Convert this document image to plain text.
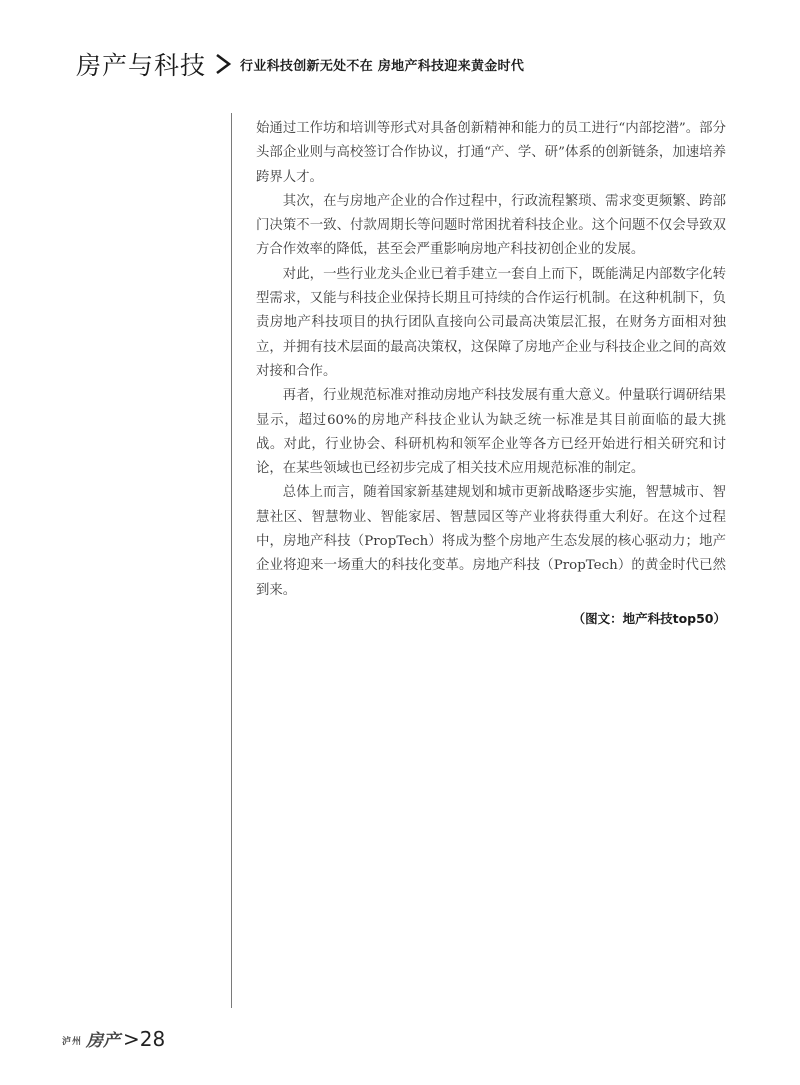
房产与科技	行业科技创新无处不在 房地产科技迎来黄金时代

始通过工作坊和培训等形式对具备创新精神和能力的员工进行“内部挖潜”。部分头部企业则与高校签订合作协议，打通“产、学、研”体系的创新链条，加速培养跨界人才。

其次，在与房地产企业的合作过程中，行政流程繁琐、需求变更频繁、跨部门决策不一致、付款周期长等问题时常困扰着科技企业。这个问题不仅会导致双方合作效率的降低，甚至会严重影响房地产科技初创企业的发展。

对此，一些行业龙头企业已着手建立一套自上而下，既能满足内部数字化转型需求，又能与科技企业保持长期且可持续的合作运行机制。在这种机制下，负责房地产科技项目的执行团队直接向公司最高决策层汇报，在财务方面相对独立，并拥有技术层面的最高决策权，这保障了房地产企业与科技企业之间的高效对接和合作。

再者，行业规范标准对推动房地产科技发展有重大意义。仲量联行调研结果显示，超过60%的房地产科技企业认为缺乏统一标准是其目前面临的最大挑战。对此，行业协会、科研机构和领军企业等各方已经开始进行相关研究和讨论，在某些领域也已经初步完成了相关技术应用规范标准的制定。

总体上而言，随着国家新基建规划和城市更新战略逐步实施，智慧城市、智慧社区、智慧物业、智能家居、智慧园区等产业将获得重大利好。在这个过程中，房地产科技（PropTech）将成为整个房地产生态发展的核心驱动力；地产企业将迎来一场重大的科技化变革。房地产科技（PropTech）的黄金时代已然到来。

（图文：地产科技top50）

泸州 房产 >28
